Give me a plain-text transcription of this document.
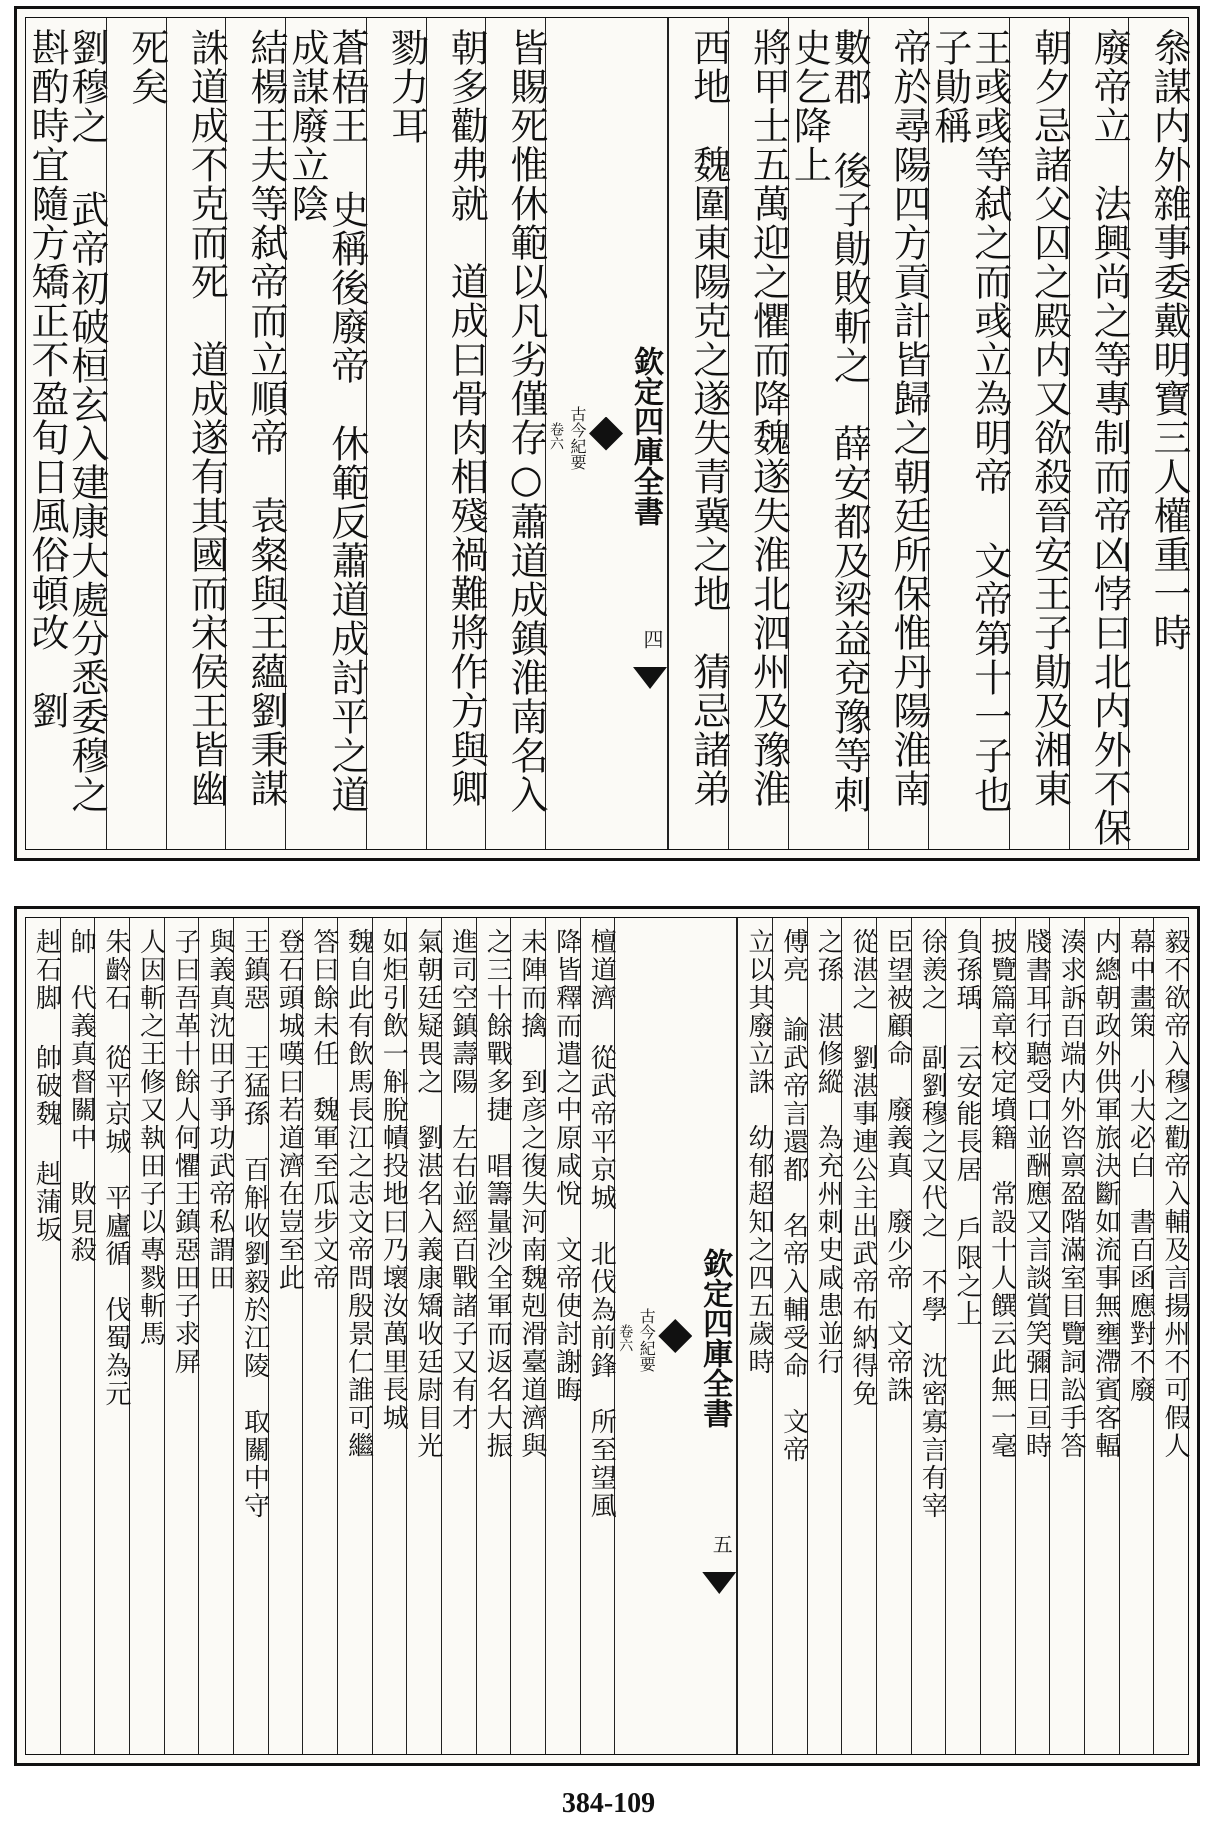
叅謀内外雜事委戴明寶三人權重一時
廢帝立　法興尚之等專制而帝凶悖曰北内外不保
朝夕忌諸父囚之殿内又欲殺晉安王子勛及湘東
王彧彧等弑之而彧立為明帝 文帝第十一子也　子勛稱
帝於尋陽四方貢計皆歸之朝廷所保惟丹陽淮南
數郡 後子勛敗斬之　薛安都及梁益兗豫等刺史乞降上
將甲士五萬迎之懼而降魏遂失淮北泗州及豫淮
西地　魏圍東陽克之遂失青冀之地　猜忌諸弟
欽定四庫全書
古今紀要
卷六
四
皆賜死惟休範以凡劣僅存○蕭道成鎮淮南名入
朝多勸弗就　道成曰骨肉相殘禍難將作方與卿
勠力耳
蒼梧王 史稱後廢帝　休範反蕭道成討平之道成謀廢立陰
結楊王夫等弑帝而立順帝　袁粲與王蘊劉秉謀
誅道成不克而死　道成遂有其國而宋侯王皆幽
死矣
劉穆之 武帝初破桓玄入建康大處分悉委穆之斟酌時宜隨方矯正不盈旬日風俗頓改　劉
毅不欲帝入穆之勸帝入輔及言揚州不可假人
幕中畫策　小大必白　書百函應對不廢
内總朝政外供軍旅決斷如流事無壅滯賓客輻
湊求訴百端内外咨禀盈階滿室目覽詞訟手答
牋書耳行聽受口並酬應又言談賞笑彌日亘時
披覽篇章校定墳籍　常設十人饌云此無一毫
負孫瑀 云安能長居 戶限之上
徐羨之 副劉穆之又代之　不學　沈密寡言有宰
臣望被顧命　廢義真　廢少帝　文帝誅
從湛之 劉湛事連公主出武帝布納得免
之孫　湛修縱　為充州刺史咸患並行
傅亮 諭武帝言還都　名帝入輔受命　文帝
立以其廢立誅　幼郁超知之四五歲時
欽定四庫全書
古今紀要
卷六
五
檀道濟 從武帝平京城　北伐為前鋒　所至望風
降皆釋而遣之中原咸悅　文帝使討謝晦
未陣而擒　到彦之復失河南魏剋滑臺道濟與
之三十餘戰多捷　唱籌量沙全軍而返名大振
進司空鎮壽陽　左右並經百戰諸子又有才
氣朝廷疑畏之　劉湛名入義康矯收廷尉目光
如炬引飲一斛脫幘投地曰乃壞汝萬里長城
魏自此有飲馬長江之志文帝問殷景仁誰可繼
答曰餘未任　魏軍至瓜步文帝
登石頭城嘆曰若道濟在豈至此
王鎮惡 王猛孫　百斛收劉毅於江陵　取關中守
與義真沈田子爭功武帝私謂田
子曰吾革十餘人何懼王鎮惡田子求屏
人因斬之王修又執田子以專戮斬馬
朱齡石 從平京城　平廬循　伐蜀為元
帥　代義真督關中　敗見殺
赳石脚 帥破魏 赳蒲坂
384-109
